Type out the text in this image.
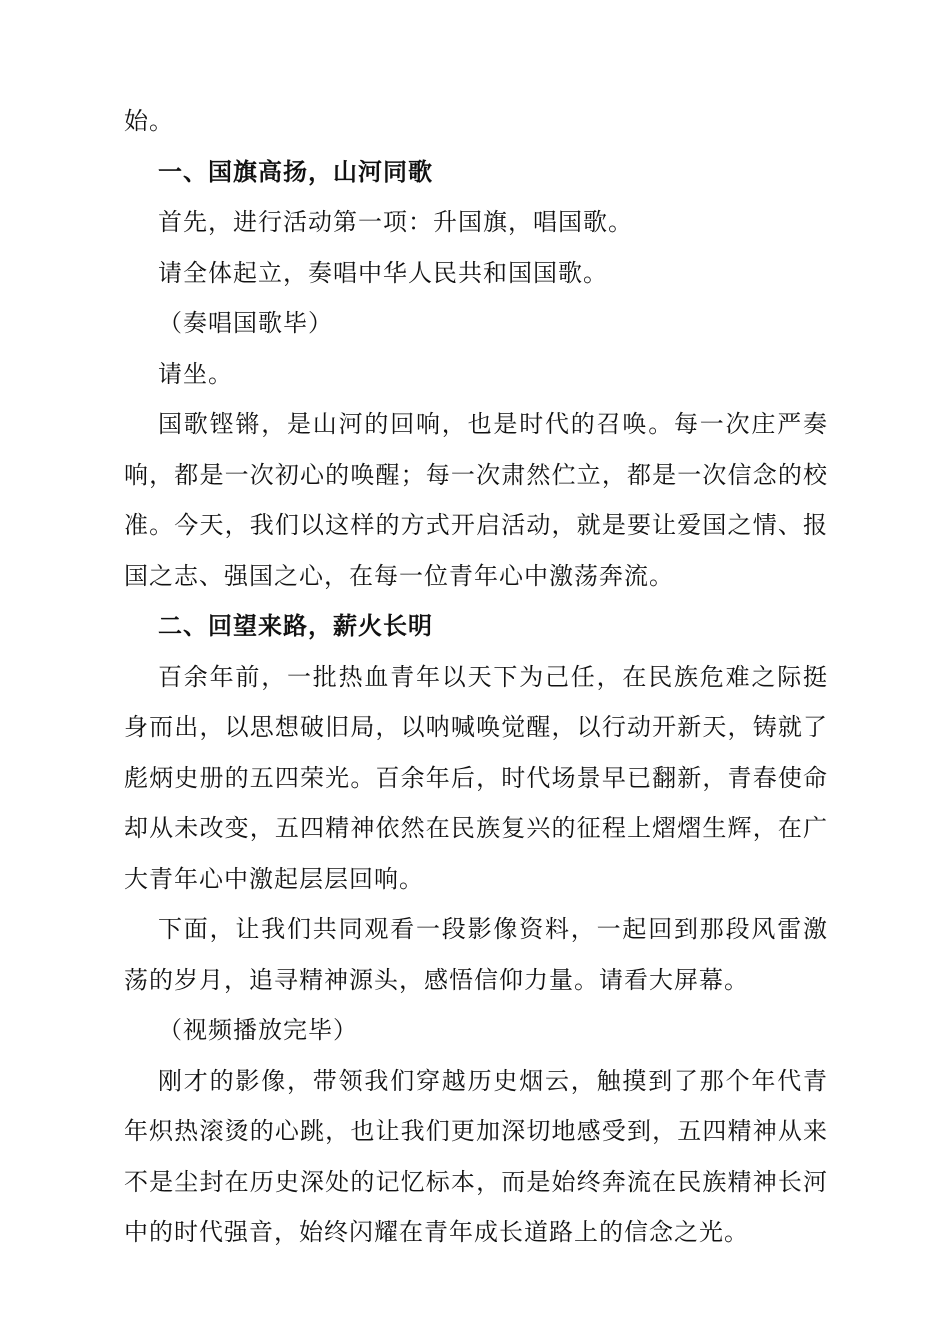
始。

一、国旗高扬，山河同歌

首先，进行活动第一项：升国旗，唱国歌。

请全体起立，奏唱中华人民共和国国歌。

（奏唱国歌毕）

请坐。

国歌铿锵，是山河的回响，也是时代的召唤。每一次庄严奏响，都是一次初心的唤醒；每一次肃然伫立，都是一次信念的校准。今天，我们以这样的方式开启活动，就是要让爱国之情、报国之志、强国之心，在每一位青年心中激荡奔流。

二、回望来路，薪火长明

百余年前，一批热血青年以天下为己任，在民族危难之际挺身而出，以思想破旧局，以呐喊唤觉醒，以行动开新天，铸就了彪炳史册的五四荣光。百余年后，时代场景早已翻新，青春使命却从未改变，五四精神依然在民族复兴的征程上熠熠生辉，在广大青年心中激起层层回响。

下面，让我们共同观看一段影像资料，一起回到那段风雷激荡的岁月，追寻精神源头，感悟信仰力量。请看大屏幕。

（视频播放完毕）

刚才的影像，带领我们穿越历史烟云，触摸到了那个年代青年炽热滚烫的心跳，也让我们更加深切地感受到，五四精神从来不是尘封在历史深处的记忆标本，而是始终奔流在民族精神长河中的时代强音，始终闪耀在青年成长道路上的信念之光。
